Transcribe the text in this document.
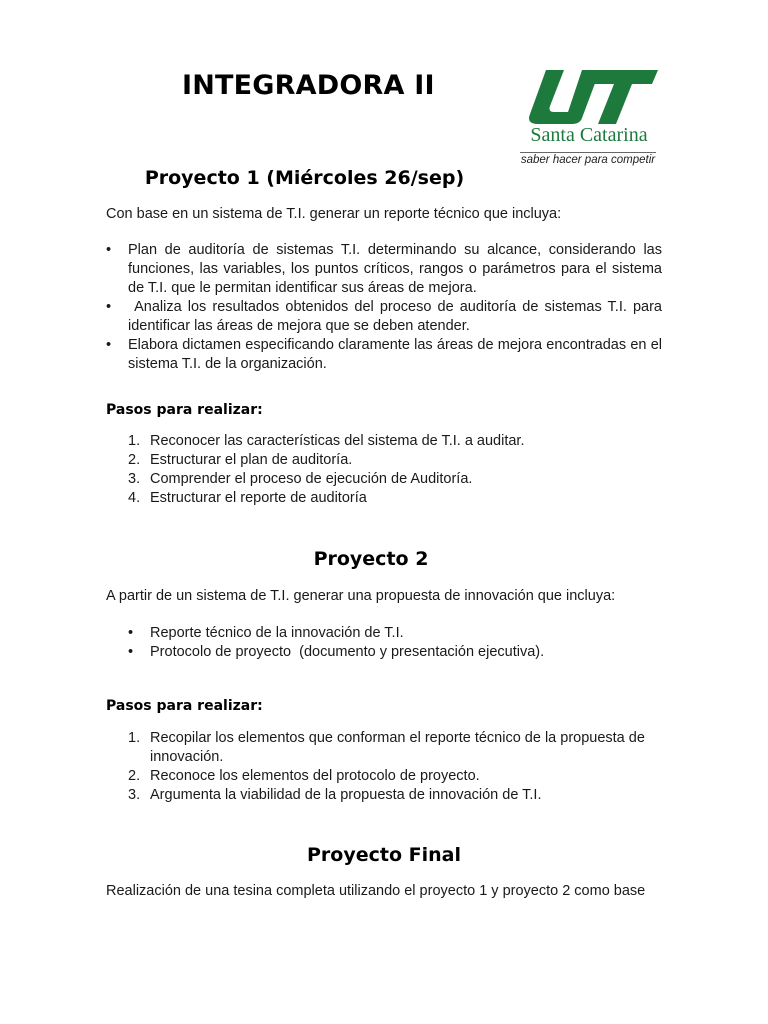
INTEGRADORA II
Santa Catarina
saber hacer para competir
Proyecto 1 (Miércoles 26/sep)

Con base en un sistema de T.I. generar un reporte técnico que incluya:

• Plan de auditoría de sistemas T.I. determinando su alcance, considerando las funciones, las variables, los puntos críticos, rangos o parámetros para el sistema de T.I. que le permitan identificar sus áreas de mejora.
• Analiza los resultados obtenidos del proceso de auditoría de sistemas T.I. para identificar las áreas de mejora que se deben atender.
• Elabora dictamen especificando claramente las áreas de mejora encontradas en el sistema T.I. de la organización.
Pasos para realizar:
1. Reconocer las características del sistema de T.I. a auditar.
2. Estructurar el plan de auditoría.
3. Comprender el proceso de ejecución de Auditoría.
4. Estructurar el reporte de auditoría
Proyecto 2

A partir de un sistema de T.I. generar una propuesta de innovación que incluya:

• Reporte técnico de la innovación de T.I.
• Protocolo de proyecto  (documento y presentación ejecutiva).
Pasos para realizar:
1. Recopilar los elementos que conforman el reporte técnico de la propuesta de innovación.
2. Reconoce los elementos del protocolo de proyecto.
3. Argumenta la viabilidad de la propuesta de innovación de T.I.
Proyecto Final

Realización de una tesina completa utilizando el proyecto 1 y proyecto 2 como base
